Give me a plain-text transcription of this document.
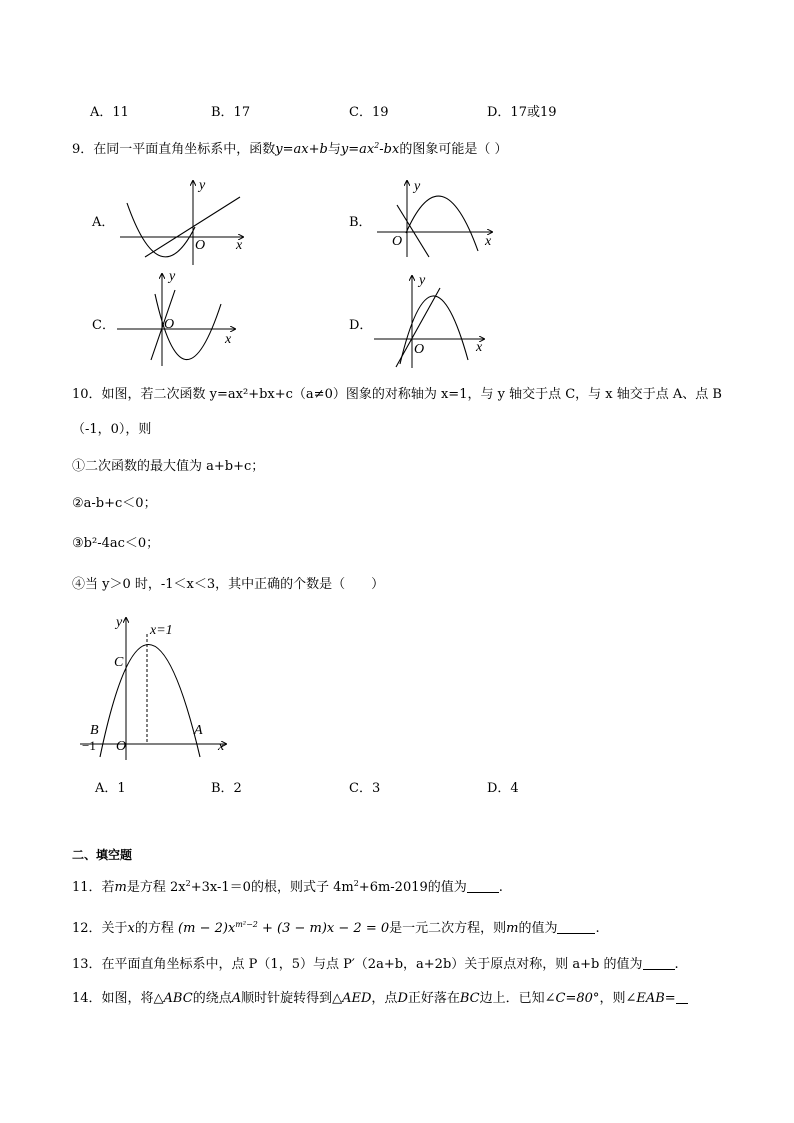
A．11	B．17	C．19	D．17或19
9．在同一平面直角坐标系中，函数y=ax+b与$y=ax^2-bx$的图象可能是（ ）
A．	B．
C．	D．
y
x
O
y
x
O
y
x
O
y
x
O
10．如图，若二次函数 y=ax²+bx+c（a≠0）图象的对称轴为 x=1，与 y 轴交于点 C，与 x 轴交于点 A、点 B
（-1，0），则
①二次函数的最大值为 a+b+c；
②a-b+c＜0；
③b²-4ac＜0；
④当 y＞0 时，-1＜x＜3，其中正确的个数是（　　）
y
x=1
C
B	A
−1 O	x
A．1	B．2	C．3	D．4
二、填空题
11．若m是方程 $2x^2+3x-1=0$的根，则式子 $4m^2+6m-2019$的值为 .
12．关于x的方程 $(m - 2)x^{m^2-2} + (3 - m)x - 2 = 0$是一元二次方程，则m的值为	.
13．在平面直角坐标系中，点 P（1，5）与点 P′（2a+b，a+2b）关于原点对称，则 a+b 的值为 .
14．如图，将△ABC的绕点A顺时针旋转得到△AED，点D正好落在BC边上．已知∠C=80°，则∠EAB=
